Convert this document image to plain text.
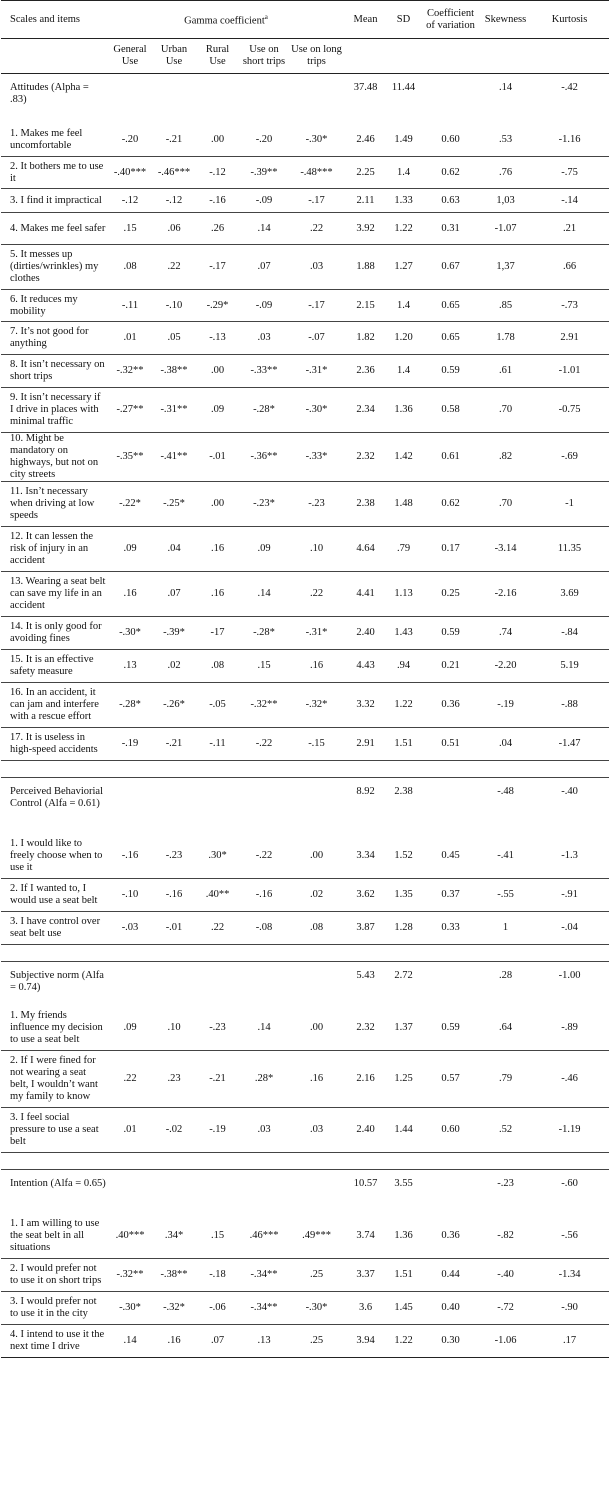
Scales and items	Gamma coefficient$^a$					Mean	SD	Coefficient of variation	Skewness	Kurtosis
	General Use	Urban Use	Rural Use	Use on short trips	Use on long trips					
Attitudes (Alpha = .83)						37.48	11.44		.14	-.42
1. Makes me feel uncomfortable	-.20	-.21	.00	-.20	-.30*	2.46	1.49	0.60	.53	-1.16
2. It bothers me to use it	-.40***	-.46***	-.12	-.39**	-.48***	2.25	1.4	0.62	.76	-.75
3. I find it impractical	-.12	-.12	-.16	-.09	-.17	2.11	1.33	0.63	1,03	-.14
4. Makes me feel safer	.15	.06	.26	.14	.22	3.92	1.22	0.31	-1.07	.21
5. It messes up (dirties/wrinkles) my clothes	.08	.22	-.17	.07	.03	1.88	1.27	0.67	1,37	.66
6. It reduces my mobility	-.11	-.10	-.29*	-.09	-.17	2.15	1.4	0.65	.85	-.73
7. It’s not good for anything	.01	.05	-.13	.03	-.07	1.82	1.20	0.65	1.78	2.91
8. It isn’t necessary on short trips	-.32**	-.38**	.00	-.33**	-.31*	2.36	1.4	0.59	.61	-1.01
9. It isn’t necessary if I drive in places with minimal traffic	-.27**	-.31**	.09	-.28*	-.30*	2.34	1.36	0.58	.70	-0.75
10. Might be mandatory on highways, but not on city streets	-.35**	-.41**	-.01	-.36**	-.33*	2.32	1.42	0.61	.82	-.69
11. Isn’t necessary when driving at low speeds	-.22*	-.25*	.00	-.23*	-.23	2.38	1.48	0.62	.70	-1
12. It can lessen the risk of injury in an accident	.09	.04	.16	.09	.10	4.64	.79	0.17	-3.14	11.35
13. Wearing a seat belt can save my life in an accident	.16	.07	.16	.14	.22	4.41	1.13	0.25	-2.16	3.69
14. It is only good for avoiding fines	-.30*	-.39*	-17	-.28*	-.31*	2.40	1.43	0.59	.74	-.84
15. It is an effective safety measure	.13	.02	.08	.15	.16	4.43	.94	0.21	-2.20	5.19
16. In an accident, it can jam and interfere with a rescue effort	-.28*	-.26*	-.05	-.32**	-.32*	3.32	1.22	0.36	-.19	-.88
17. It is useless in high-speed accidents	-.19	-.21	-.11	-.22	-.15	2.91	1.51	0.51	.04	-1.47

Perceived Behaviorial Control (Alfa = 0.61)						8.92	2.38		-.48	-.40
1. I would like to freely choose when to use it	-.16	-.23	.30*	-.22	.00	3.34	1.52	0.45	-.41	-1.3
2. If I wanted to, I would use a seat belt	-.10	-.16	.40**	-.16	.02	3.62	1.35	0.37	-.55	-.91
3. I have control over seat belt use	-.03	-.01	.22	-.08	.08	3.87	1.28	0.33	1	-.04

Subjective norm (Alfa = 0.74)						5.43	2.72		.28	-1.00
1. My friends influence my decision to use a seat belt	.09	.10	-.23	.14	.00	2.32	1.37	0.59	.64	-.89
2. If I were fined for not wearing a seat belt, I wouldn’t want my family to know	.22	.23	-.21	.28*	.16	2.16	1.25	0.57	.79	-.46
3. I feel social pressure to use a seat belt	.01	-.02	-.19	.03	.03	2.40	1.44	0.60	.52	-1.19

Intention (Alfa = 0.65)						10.57	3.55		-.23	-.60
1. I am willing to use the seat belt in all situations	.40***	.34*	.15	.46***	.49***	3.74	1.36	0.36	-.82	-.56
2. I would prefer not to use it on short trips	-.32**	-.38**	-.18	-.34**	.25	3.37	1.51	0.44	-.40	-1.34
3. I would prefer not to use it in the city	-.30*	-.32*	-.06	-.34**	-.30*	3.6	1.45	0.40	-.72	-.90
4. I intend to use it the next time I drive	.14	.16	.07	.13	.25	3.94	1.22	0.30	-1.06	.17
